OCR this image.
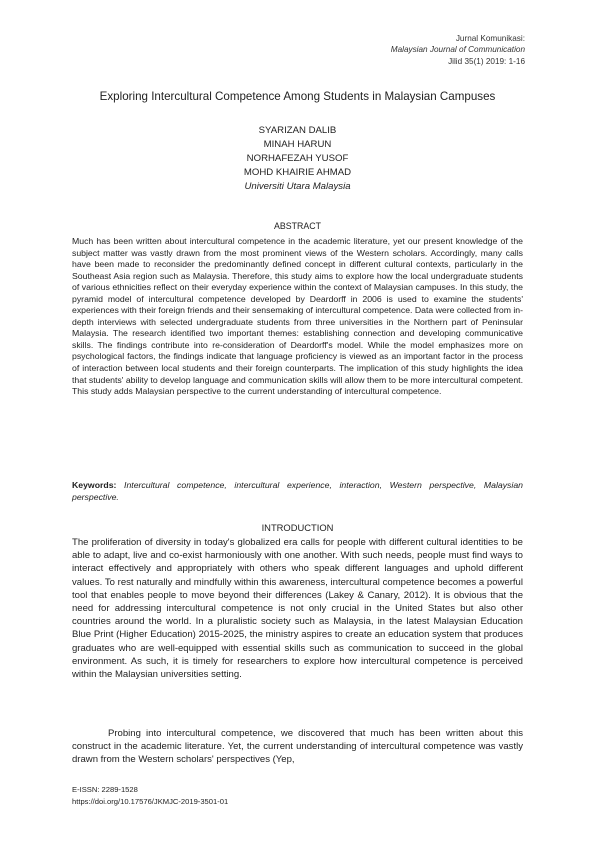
Jurnal Komunikasi:
Malaysian Journal of Communication
Jilid 35(1) 2019: 1-16
Exploring Intercultural Competence Among Students in Malaysian Campuses
SYARIZAN DALIB
MINAH HARUN
NORHAFEZAH YUSOF
MOHD KHAIRIE AHMAD
Universiti Utara Malaysia
ABSTRACT

Much has been written about intercultural competence in the academic literature, yet our present knowledge of the subject matter was vastly drawn from the most prominent views of the Western scholars. Accordingly, many calls have been made to reconsider the predominantly defined concept in different cultural contexts, particularly in the Southeast Asia region such as Malaysia. Therefore, this study aims to explore how the local undergraduate students of various ethnicities reflect on their everyday experience within the context of Malaysian campuses. In this study, the pyramid model of intercultural competence developed by Deardorff in 2006 is used to examine the students' experiences with their foreign friends and their sensemaking of intercultural competence. Data were collected from in-depth interviews with selected undergraduate students from three universities in the Northern part of Peninsular Malaysia. The research identified two important themes: establishing connection and developing communicative skills. The findings contribute into re-consideration of Deardorff's model. While the model emphasizes more on psychological factors, the findings indicate that language proficiency is viewed as an important factor in the process of interaction between local students and their foreign counterparts. The implication of this study highlights the idea that students' ability to develop language and communication skills will allow them to be more intercultural competent. This study adds Malaysian perspective to the current understanding of intercultural competence.

Keywords: Intercultural competence, intercultural experience, interaction, Western perspective, Malaysian perspective.

INTRODUCTION

The proliferation of diversity in today's globalized era calls for people with different cultural identities to be able to adapt, live and co-exist harmoniously with one another. With such needs, people must find ways to interact effectively and appropriately with others who speak different languages and uphold different values. To rest naturally and mindfully within this awareness, intercultural competence becomes a powerful tool that enables people to move beyond their differences (Lakey & Canary, 2012). It is obvious that the need for addressing intercultural competence is not only crucial in the United States but also other countries around the world. In a pluralistic society such as Malaysia, in the latest Malaysian Education Blue Print (Higher Education) 2015-2025, the ministry aspires to create an education system that produces graduates who are well-equipped with essential skills such as communication to succeed in the global environment. As such, it is timely for researchers to explore how intercultural competence is perceived within the Malaysian universities setting.

Probing into intercultural competence, we discovered that much has been written about this construct in the academic literature. Yet, the current understanding of intercultural competence was vastly drawn from the Western scholars' perspectives (Yep,

E-ISSN: 2289-1528
https://doi.org/10.17576/JKMJC-2019-3501-01
